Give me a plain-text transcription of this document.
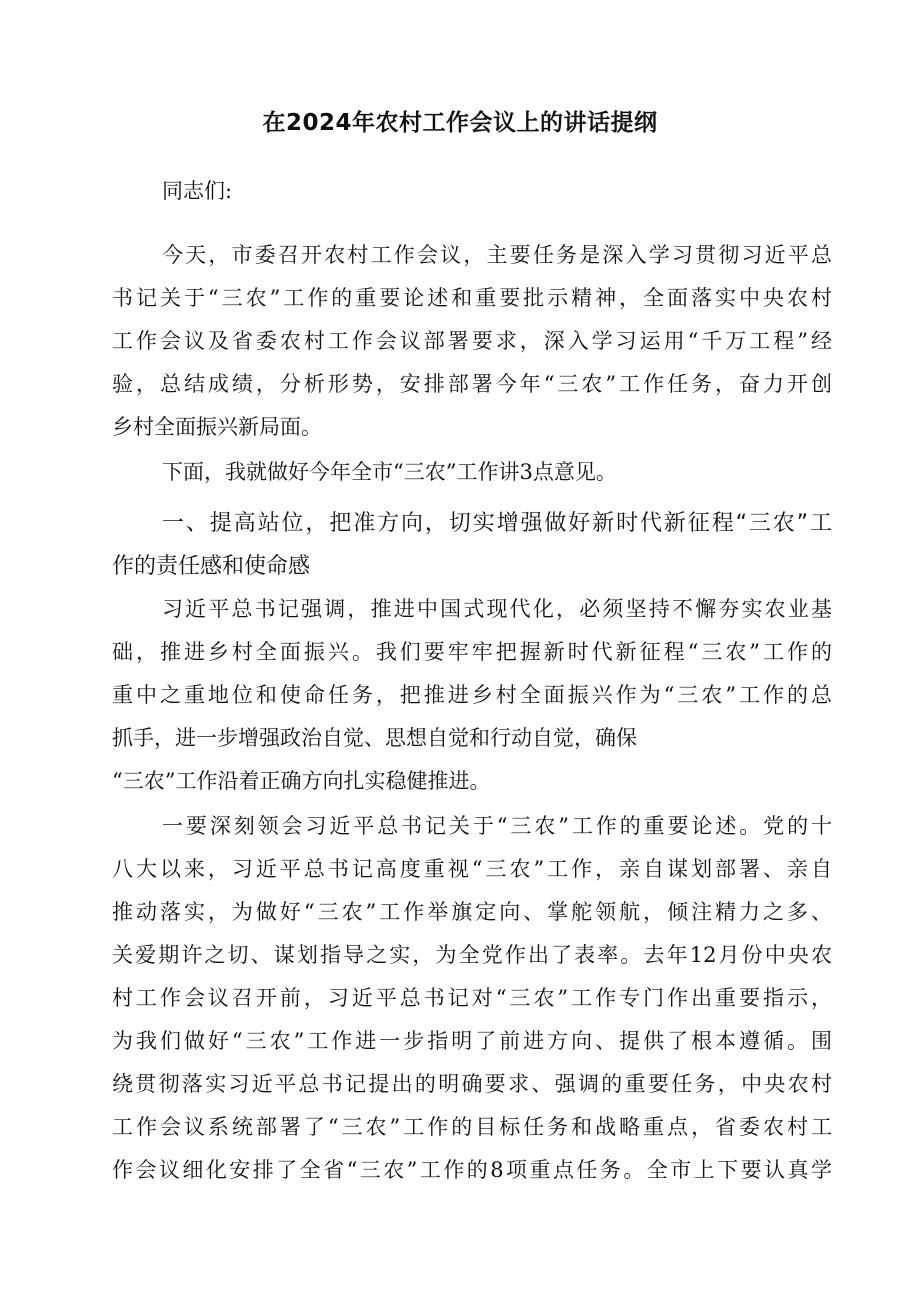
在2024年农村工作会议上的讲话提纲
同志们:
今天，市委召开农村工作会议，主要任务是深入学习贯彻习近平总
书记关于“三农”工作的重要论述和重要批示精神，全面落实中央农村
工作会议及省委农村工作会议部署要求，深入学习运用“千万工程”经
验，总结成绩，分析形势，安排部署今年“三农”工作任务，奋力开创
乡村全面振兴新局面。
下面，我就做好今年全市“三农”工作讲3点意见。
一、提高站位，把准方向，切实增强做好新时代新征程“三农”工
作的责任感和使命感
习近平总书记强调，推进中国式现代化，必须坚持不懈夯实农业基
础，推进乡村全面振兴。我们要牢牢把握新时代新征程“三农”工作的
重中之重地位和使命任务，把推进乡村全面振兴作为“三农”工作的总
抓手，进一步增强政治自觉、思想自觉和行动自觉，确保
“三农”工作沿着正确方向扎实稳健推进。
一要深刻领会习近平总书记关于“三农”工作的重要论述。党的十
八大以来，习近平总书记高度重视“三农”工作，亲自谋划部署、亲自
推动落实，为做好“三农”工作举旗定向、掌舵领航，倾注精力之多、
关爱期许之切、谋划指导之实，为全党作出了表率。去年12月份中央农
村工作会议召开前，习近平总书记对“三农”工作专门作出重要指示，
为我们做好“三农”工作进一步指明了前进方向、提供了根本遵循。围
绕贯彻落实习近平总书记提出的明确要求、强调的重要任务，中央农村
工作会议系统部署了“三农”工作的目标任务和战略重点，省委农村工
作会议细化安排了全省“三农”工作的8项重点任务。全市上下要认真学
